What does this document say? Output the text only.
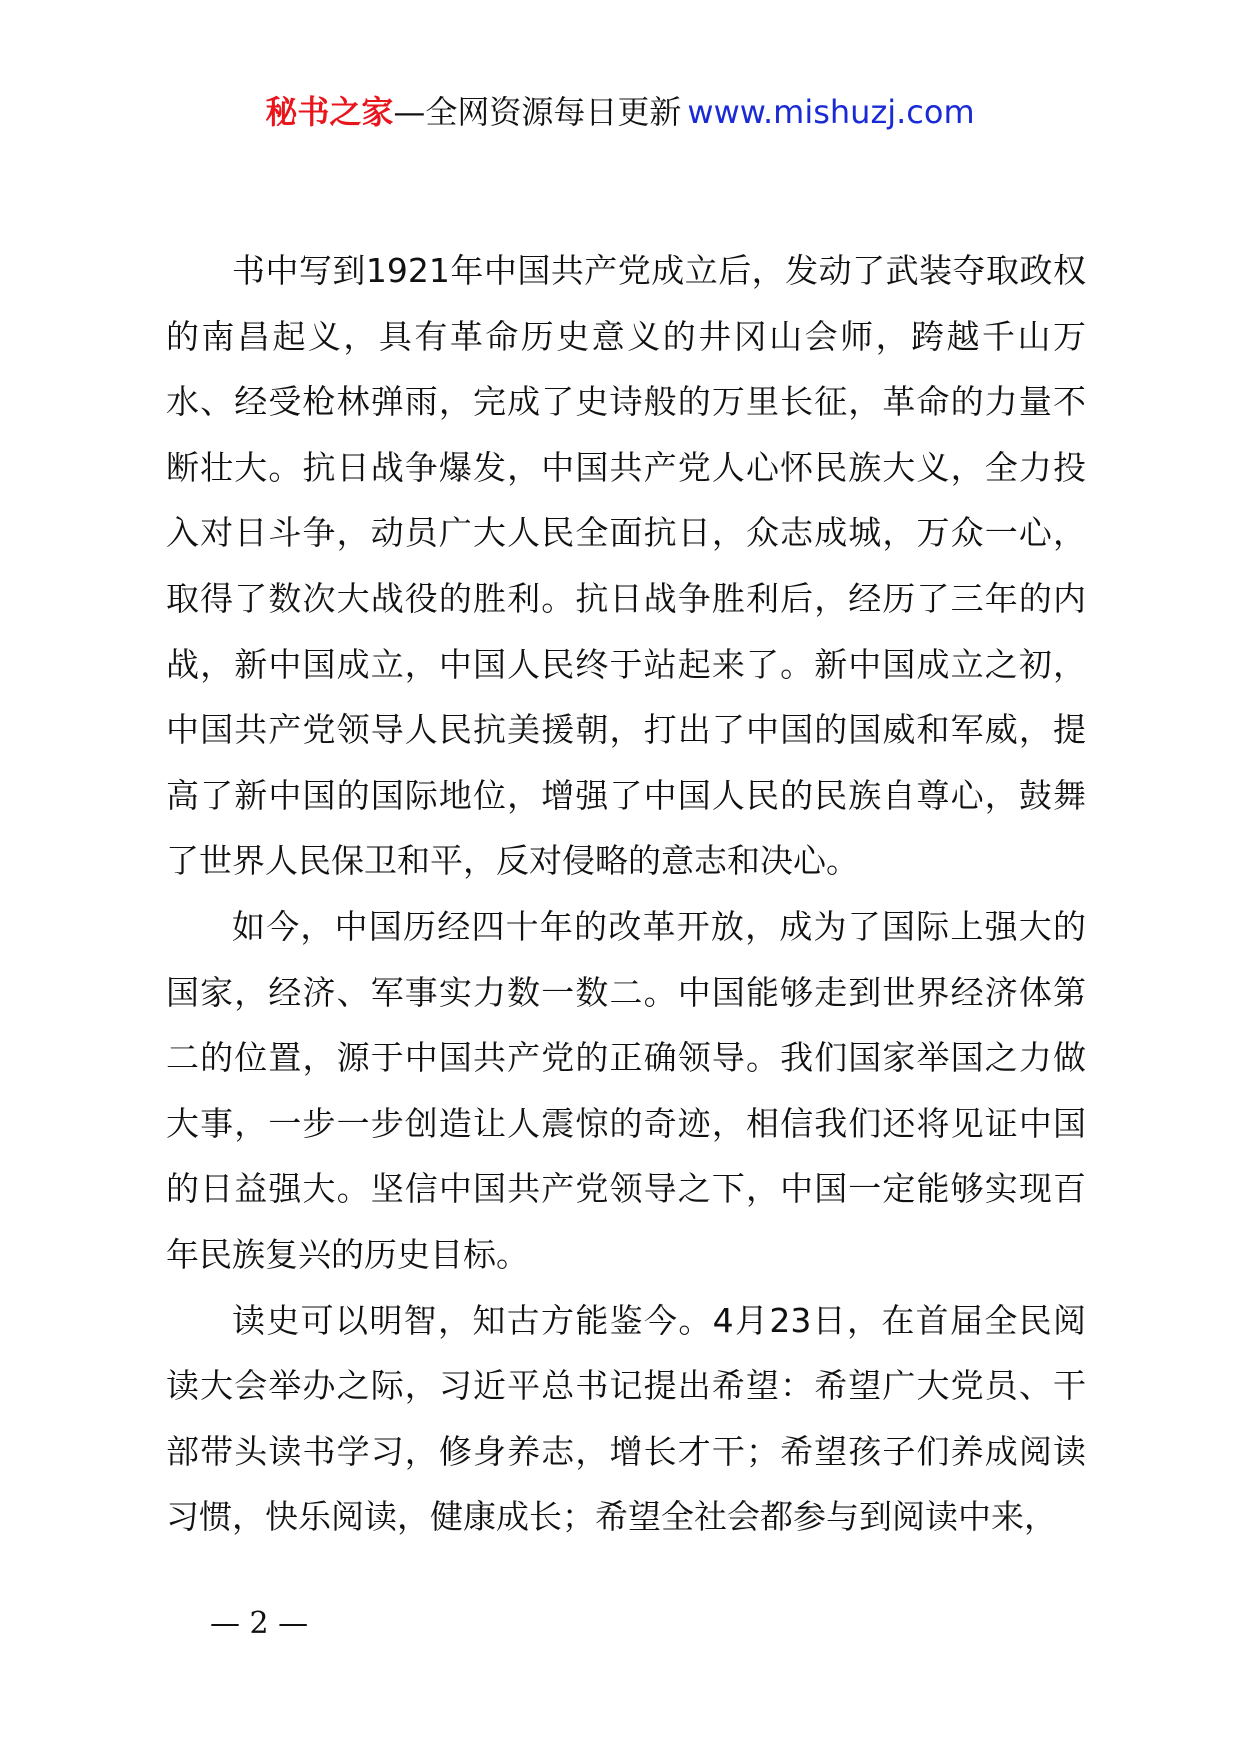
秘书之家—全网资源每日更新 www.mishuzj.com

书中写到1921年中国共产党成立后，发动了武装夺取政权的南昌起义，具有革命历史意义的井冈山会师，跨越千山万水、经受枪林弹雨，完成了史诗般的万里长征，革命的力量不断壮大。抗日战争爆发，中国共产党人心怀民族大义，全力投入对日斗争，动员广大人民全面抗日，众志成城，万众一心，取得了数次大战役的胜利。抗日战争胜利后，经历了三年的内战，新中国成立，中国人民终于站起来了。新中国成立之初，中国共产党领导人民抗美援朝，打出了中国的国威和军威，提高了新中国的国际地位，增强了中国人民的民族自尊心，鼓舞了世界人民保卫和平，反对侵略的意志和决心。

如今，中国历经四十年的改革开放，成为了国际上强大的国家，经济、军事实力数一数二。中国能够走到世界经济体第二的位置，源于中国共产党的正确领导。我们国家举国之力做大事，一步一步创造让人震惊的奇迹，相信我们还将见证中国的日益强大。坚信中国共产党领导之下，中国一定能够实现百年民族复兴的历史目标。

读史可以明智，知古方能鉴今。4月23日，在首届全民阅读大会举办之际，习近平总书记提出希望：希望广大党员、干部带头读书学习，修身养志，增长才干；希望孩子们养成阅读习惯，快乐阅读，健康成长；希望全社会都参与到阅读中来，

— 2 —
